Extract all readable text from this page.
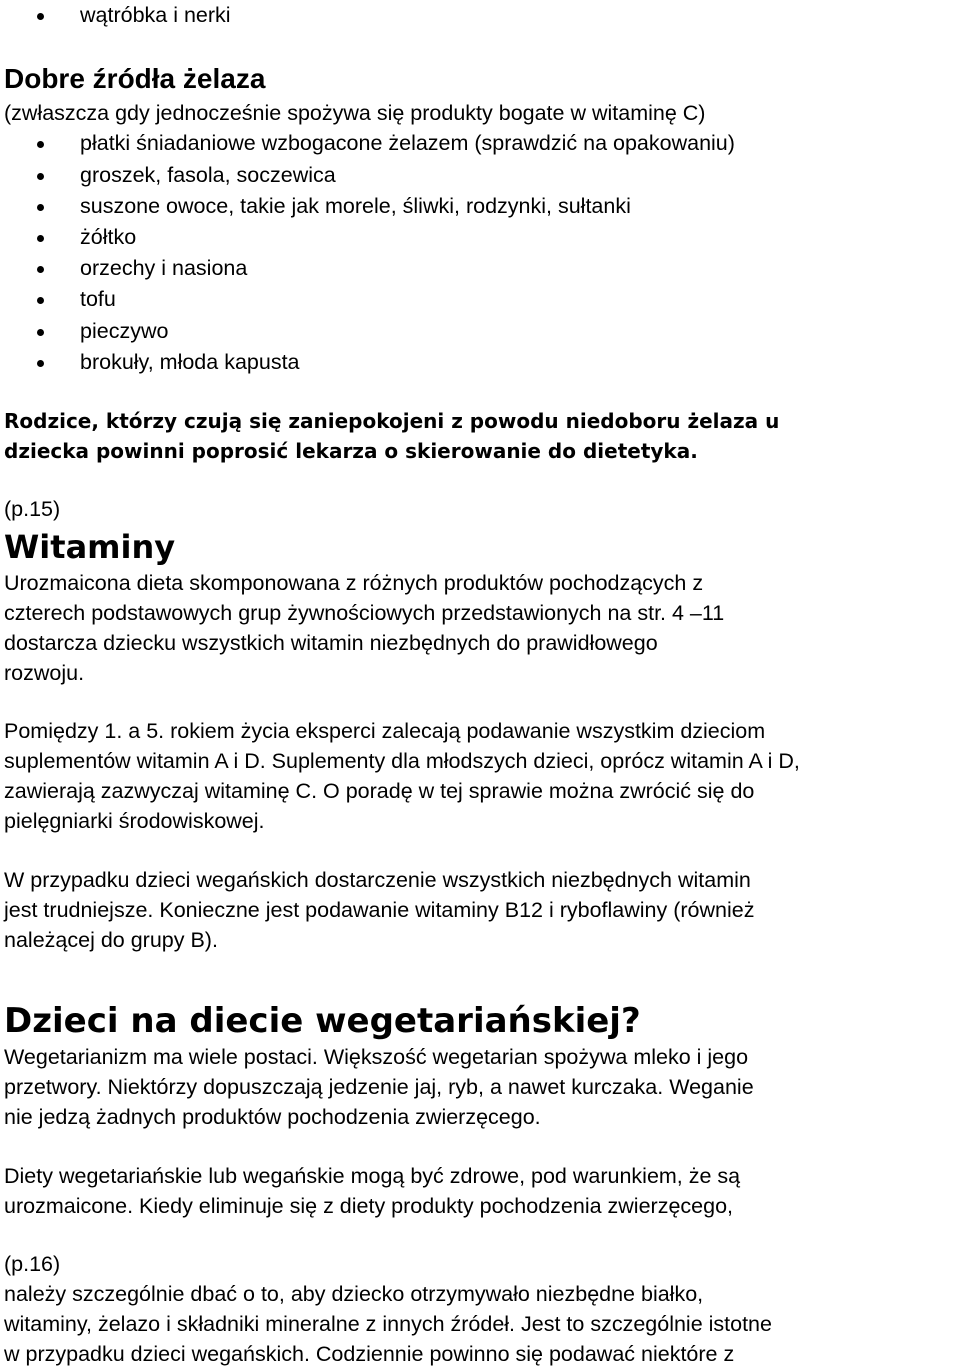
wątróbka i nerki

Dobre źródła żelaza

(zwłaszcza gdy jednocześnie spożywa się produkty bogate w witaminę C)

płatki śniadaniowe wzbogacone żelazem (sprawdzić na opakowaniu)
groszek, fasola, soczewica
suszone owoce, takie jak morele, śliwki, rodzynki, sułtanki
żółtko
orzechy i nasiona
tofu
pieczywo
brokuły, młoda kapusta

Rodzice, którzy czują się zaniepokojeni z powodu niedoboru żelaza u

dziecka powinni poprosić lekarza o skierowanie do dietetyka.

(p.15)

Witaminy

Urozmaicona dieta skomponowana z różnych produktów pochodzących z

czterech podstawowych grup żywnościowych przedstawionych na str. 4 –11

dostarcza dziecku wszystkich witamin niezbędnych do prawidłowego

rozwoju.

Pomiędzy 1. a 5. rokiem życia eksperci zalecają podawanie wszystkim dzieciom

suplementów witamin A i D. Suplementy dla młodszych dzieci, oprócz witamin A i D,

zawierają zazwyczaj witaminę C. O poradę w tej sprawie można zwrócić się do

pielęgniarki środowiskowej.

W przypadku dzieci wegańskich dostarczenie wszystkich niezbędnych witamin

jest trudniejsze. Konieczne jest podawanie witaminy B12 i ryboflawiny (również

należącej do grupy B).

Dzieci na diecie wegetariańskiej?

Wegetarianizm ma wiele postaci. Większość wegetarian spożywa mleko i jego

przetwory. Niektórzy dopuszczają jedzenie jaj, ryb, a nawet kurczaka. Weganie

nie jedzą żadnych produktów pochodzenia zwierzęcego.

Diety wegetariańskie lub wegańskie mogą być zdrowe, pod warunkiem, że są

urozmaicone. Kiedy eliminuje się z diety produkty pochodzenia zwierzęcego,

(p.16)

należy szczególnie dbać o to, aby dziecko otrzymywało niezbędne białko,

witaminy, żelazo i składniki mineralne z innych źródeł. Jest to szczególnie istotne

w przypadku dzieci wegańskich. Codziennie powinno się podawać niektóre z
